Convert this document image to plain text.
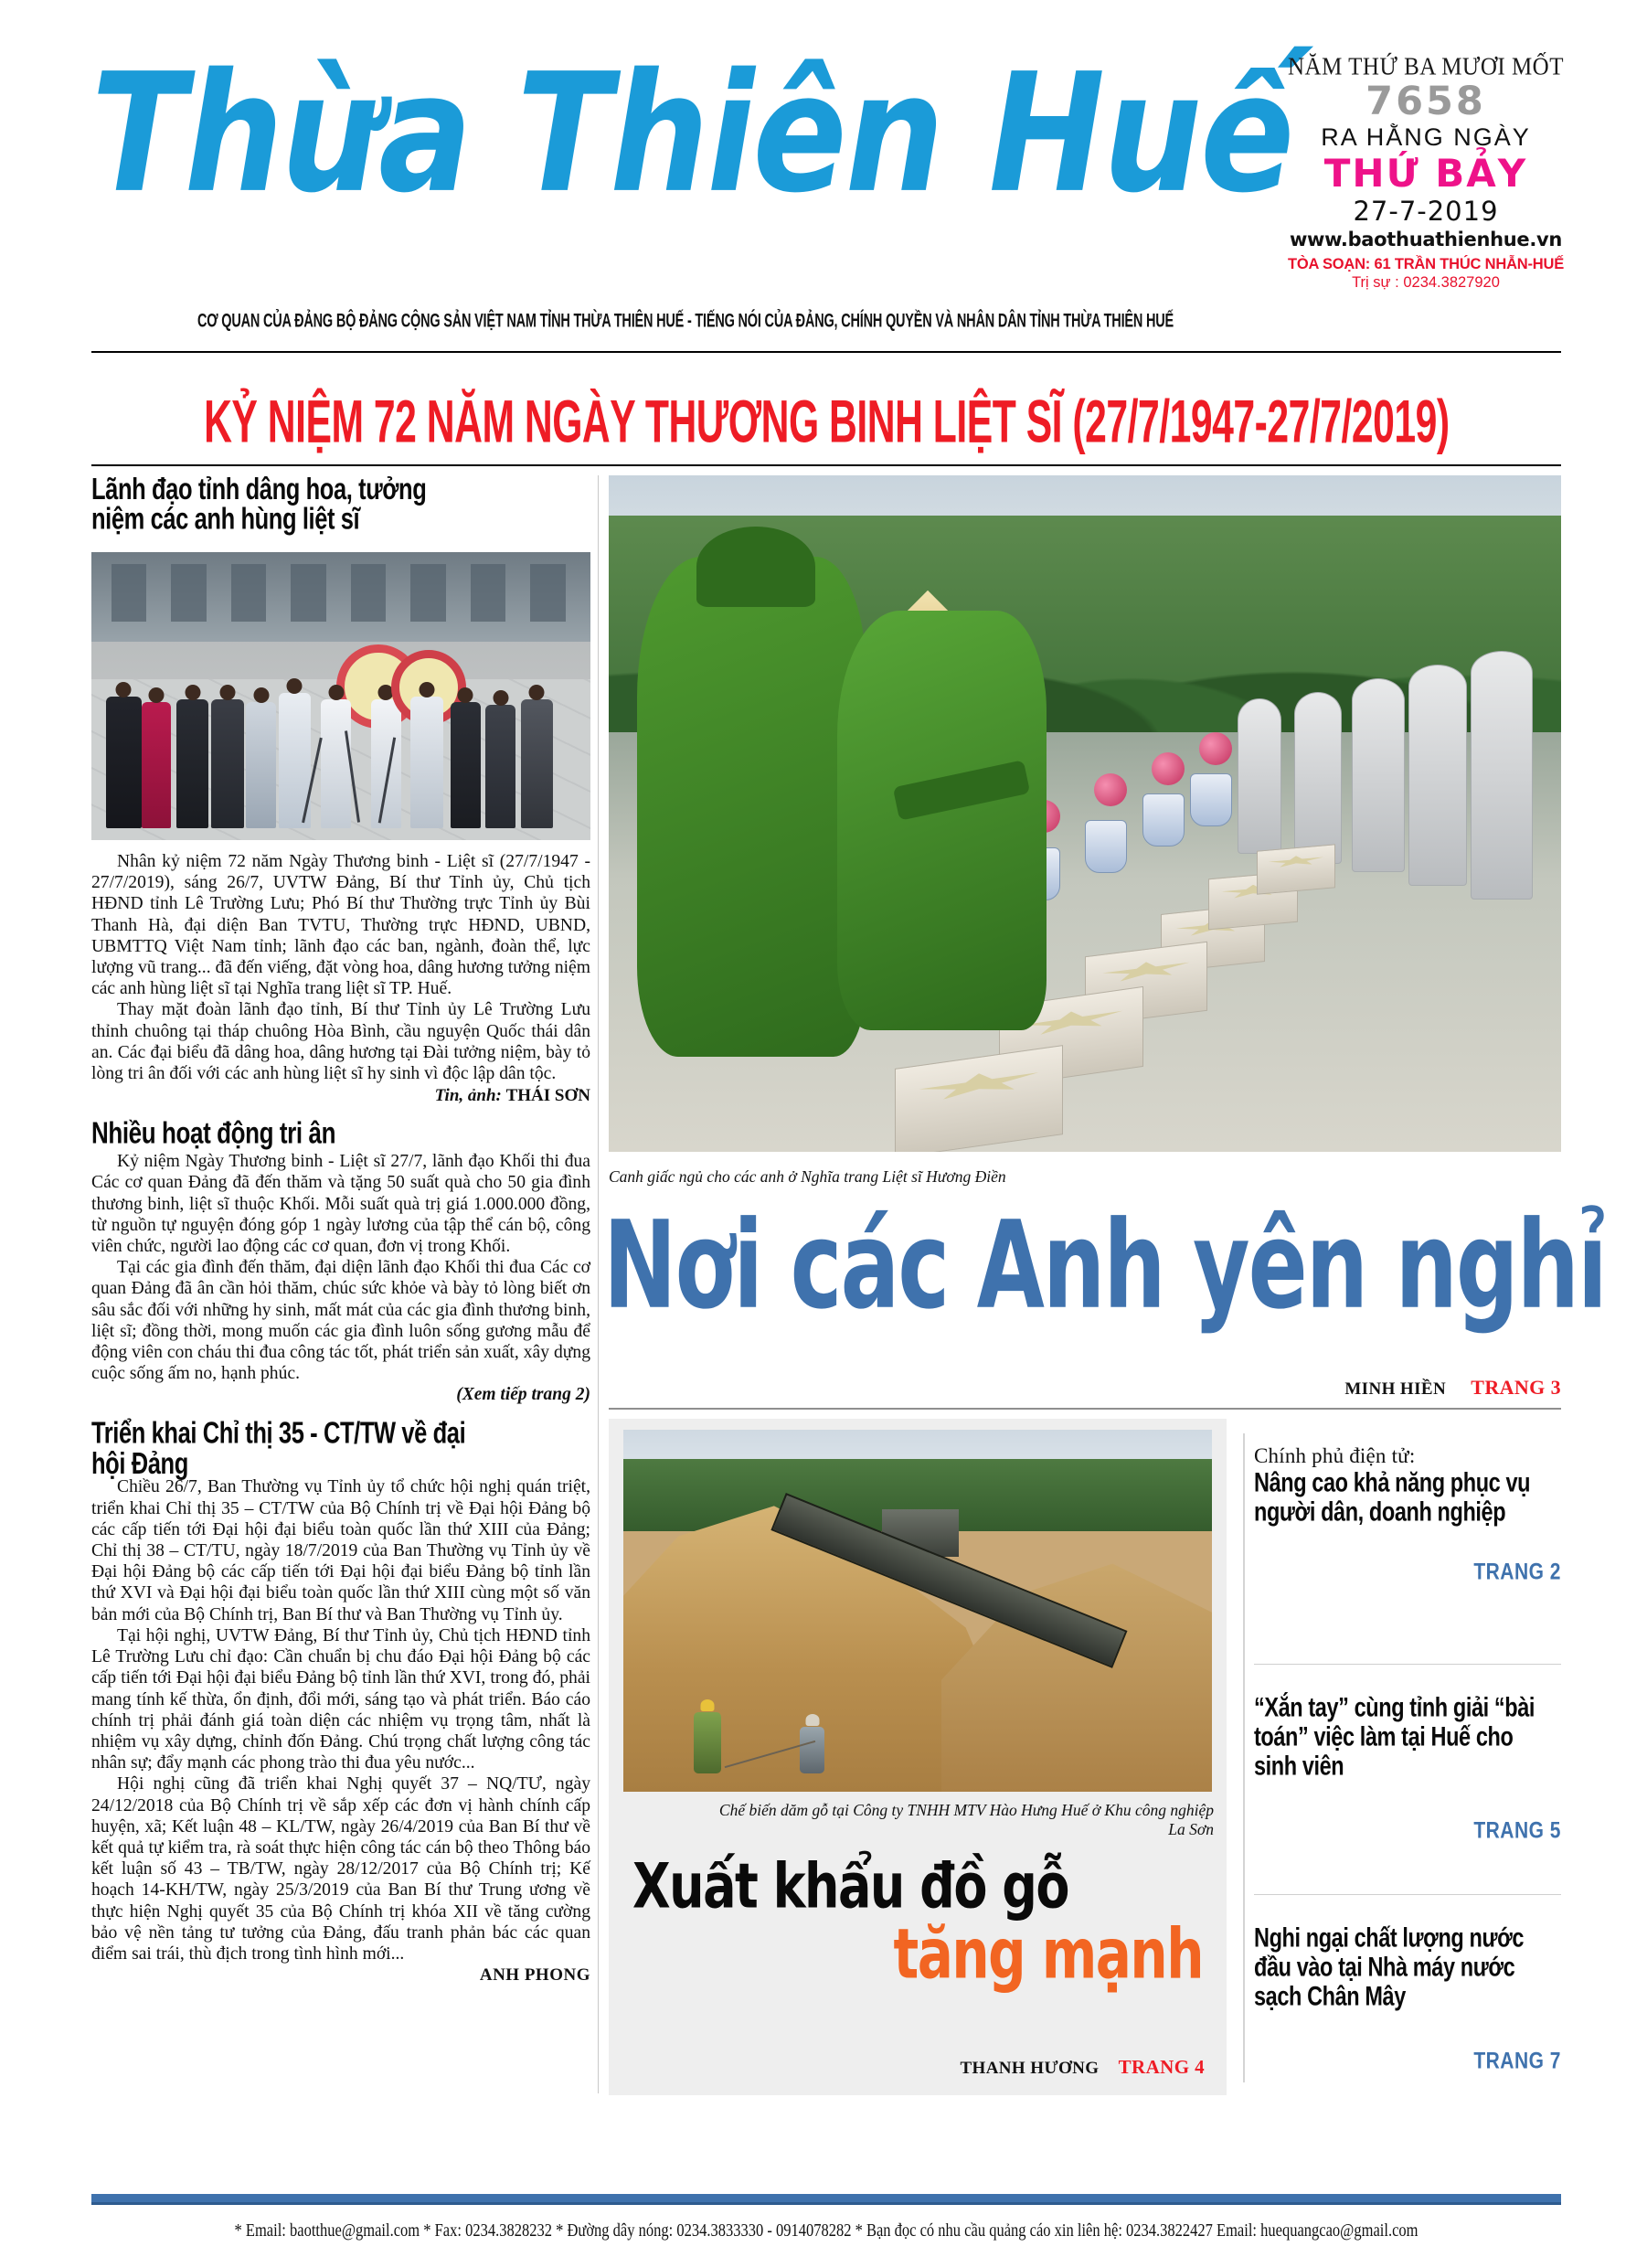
Thừa Thiên Huế
CƠ QUAN CỦA ĐẢNG BỘ ĐẢNG CỘNG SẢN VIỆT NAM TỈNH THỪA THIÊN HUẾ - TIẾNG NÓI CỦA ĐẢNG, CHÍNH QUYỀN VÀ NHÂN DÂN TỈNH THỪA THIÊN HUẾ
NĂM THỨ BA MƯƠI MỐT
7658
RA HẰNG NGÀY
THỨ BẢY
27-7-2019
www.baothuathienhue.vn
TÒA SOẠN: 61 TRẦN THÚC NHẪN-HUẾ
Trị sự : 0234.3827920
KỶ NIỆM 72 NĂM NGÀY THƯƠNG BINH LIỆT SĨ (27/7/1947-27/7/2019)
Lãnh đạo tỉnh dâng hoa, tưởng niệm các anh hùng liệt sĩ

Nhân kỷ niệm 72 năm Ngày Thương binh - Liệt sĩ (27/7/1947 - 27/7/2019), sáng 26/7, UVTW Đảng, Bí thư Tỉnh ủy, Chủ tịch HĐND tỉnh Lê Trường Lưu; Phó Bí thư Thường trực Tỉnh ủy Bùi Thanh Hà, đại diện Ban TVTU, Thường trực HĐND, UBND, UBMTTQ Việt Nam tỉnh; lãnh đạo các ban, ngành, đoàn thể, lực lượng vũ trang... đã đến viếng, đặt vòng hoa, dâng hương tưởng niệm các anh hùng liệt sĩ tại Nghĩa trang liệt sĩ TP. Huế.

Thay mặt đoàn lãnh đạo tỉnh, Bí thư Tỉnh ủy Lê Trường Lưu thỉnh chuông tại tháp chuông Hòa Bình, cầu nguyện Quốc thái dân an. Các đại biểu đã dâng hoa, dâng hương tại Đài tưởng niệm, bày tỏ lòng tri ân đối với các anh hùng liệt sĩ hy sinh vì độc lập dân tộc.

Tin, ảnh: THÁI SƠN
Nhiều hoạt động tri ân

Kỷ niệm Ngày Thương binh - Liệt sĩ 27/7, lãnh đạo Khối thi đua Các cơ quan Đảng đã đến thăm và tặng 50 suất quà cho 50 gia đình thương binh, liệt sĩ thuộc Khối. Mỗi suất quà trị giá 1.000.000 đồng, từ nguồn tự nguyện đóng góp 1 ngày lương của tập thể cán bộ, công viên chức, người lao động các cơ quan, đơn vị trong Khối.

Tại các gia đình đến thăm, đại diện lãnh đạo Khối thi đua Các cơ quan Đảng đã ân cần hỏi thăm, chúc sức khỏe và bày tỏ lòng biết ơn sâu sắc đối với những hy sinh, mất mát của các gia đình thương binh, liệt sĩ; đồng thời, mong muốn các gia đình luôn sống gương mẫu để động viên con cháu thi đua công tác tốt, phát triển sản xuất, xây dựng cuộc sống ấm no, hạnh phúc.

(Xem tiếp trang 2)
Triển khai Chỉ thị 35 - CT/TW về đại hội Đảng

Chiều 26/7, Ban Thường vụ Tỉnh ủy tổ chức hội nghị quán triệt, triển khai Chỉ thị 35 – CT/TW của Bộ Chính trị về Đại hội Đảng bộ các cấp tiến tới Đại hội đại biểu toàn quốc lần thứ XIII của Đảng; Chỉ thị 38 – CT/TU, ngày 18/7/2019 của Ban Thường vụ Tỉnh ủy về Đại hội Đảng bộ các cấp tiến tới Đại hội đại biểu Đảng bộ tỉnh lần thứ XVI và Đại hội đại biểu toàn quốc lần thứ XIII cùng một số văn bản mới của Bộ Chính trị, Ban Bí thư và Ban Thường vụ Tỉnh ủy.

Tại hội nghị, UVTW Đảng, Bí thư Tỉnh ủy, Chủ tịch HĐND tỉnh Lê Trường Lưu chỉ đạo: Cần chuẩn bị chu đáo Đại hội Đảng bộ các cấp tiến tới Đại hội đại biểu Đảng bộ tỉnh lần thứ XVI, trong đó, phải mang tính kế thừa, ổn định, đổi mới, sáng tạo và phát triển. Báo cáo chính trị phải đánh giá toàn diện các nhiệm vụ trọng tâm, nhất là nhiệm vụ xây dựng, chỉnh đốn Đảng. Chú trọng chất lượng công tác nhân sự; đẩy mạnh các phong trào thi đua yêu nước...

Hội nghị cũng đã triển khai Nghị quyết 37 – NQ/TƯ, ngày 24/12/2018 của Bộ Chính trị về sắp xếp các đơn vị hành chính cấp huyện, xã; Kết luận 48 – KL/TW, ngày 26/4/2019 của Ban Bí thư về kết quả tự kiểm tra, rà soát thực hiện công tác cán bộ theo Thông báo kết luận số 43 – TB/TW, ngày 28/12/2017 của Bộ Chính trị; Kế hoạch 14-KH/TW, ngày 25/3/2019 của Ban Bí thư Trung ương về thực hiện Nghị quyết 35 của Bộ Chính trị khóa XII về tăng cường bảo vệ nền tảng tư tưởng của Đảng, đấu tranh phản bác các quan điểm sai trái, thù địch trong tình hình mới...

ANH PHONG
Canh giấc ngủ cho các anh ở Nghĩa trang Liệt sĩ Hương Điền
Nơi các Anh yên nghỉ
MINH HIỀN TRANG 3
Chế biến dăm gỗ tại Công ty TNHH MTV Hào Hưng Huế ở Khu công nghiệp
La Sơn
Xuất khẩu đồ gỗ
tăng mạnh
THANH HƯƠNG TRANG 4
Chính phủ điện tử:
Nâng cao khả năng phục vụ người dân, doanh nghiệp
TRANG 2
“Xắn tay” cùng tỉnh giải “bài toán” việc làm tại Huế cho sinh viên
TRANG 5
Nghi ngại chất lượng nước đầu vào tại Nhà máy nước sạch Chân Mây
TRANG 7
* Email: baotthue@gmail.com * Fax: 0234.3828232 * Đường dây nóng: 0234.3833330 - 0914078282 * Bạn đọc có nhu cầu quảng cáo xin liên hệ: 0234.3822427 Email: huequangcao@gmail.com
